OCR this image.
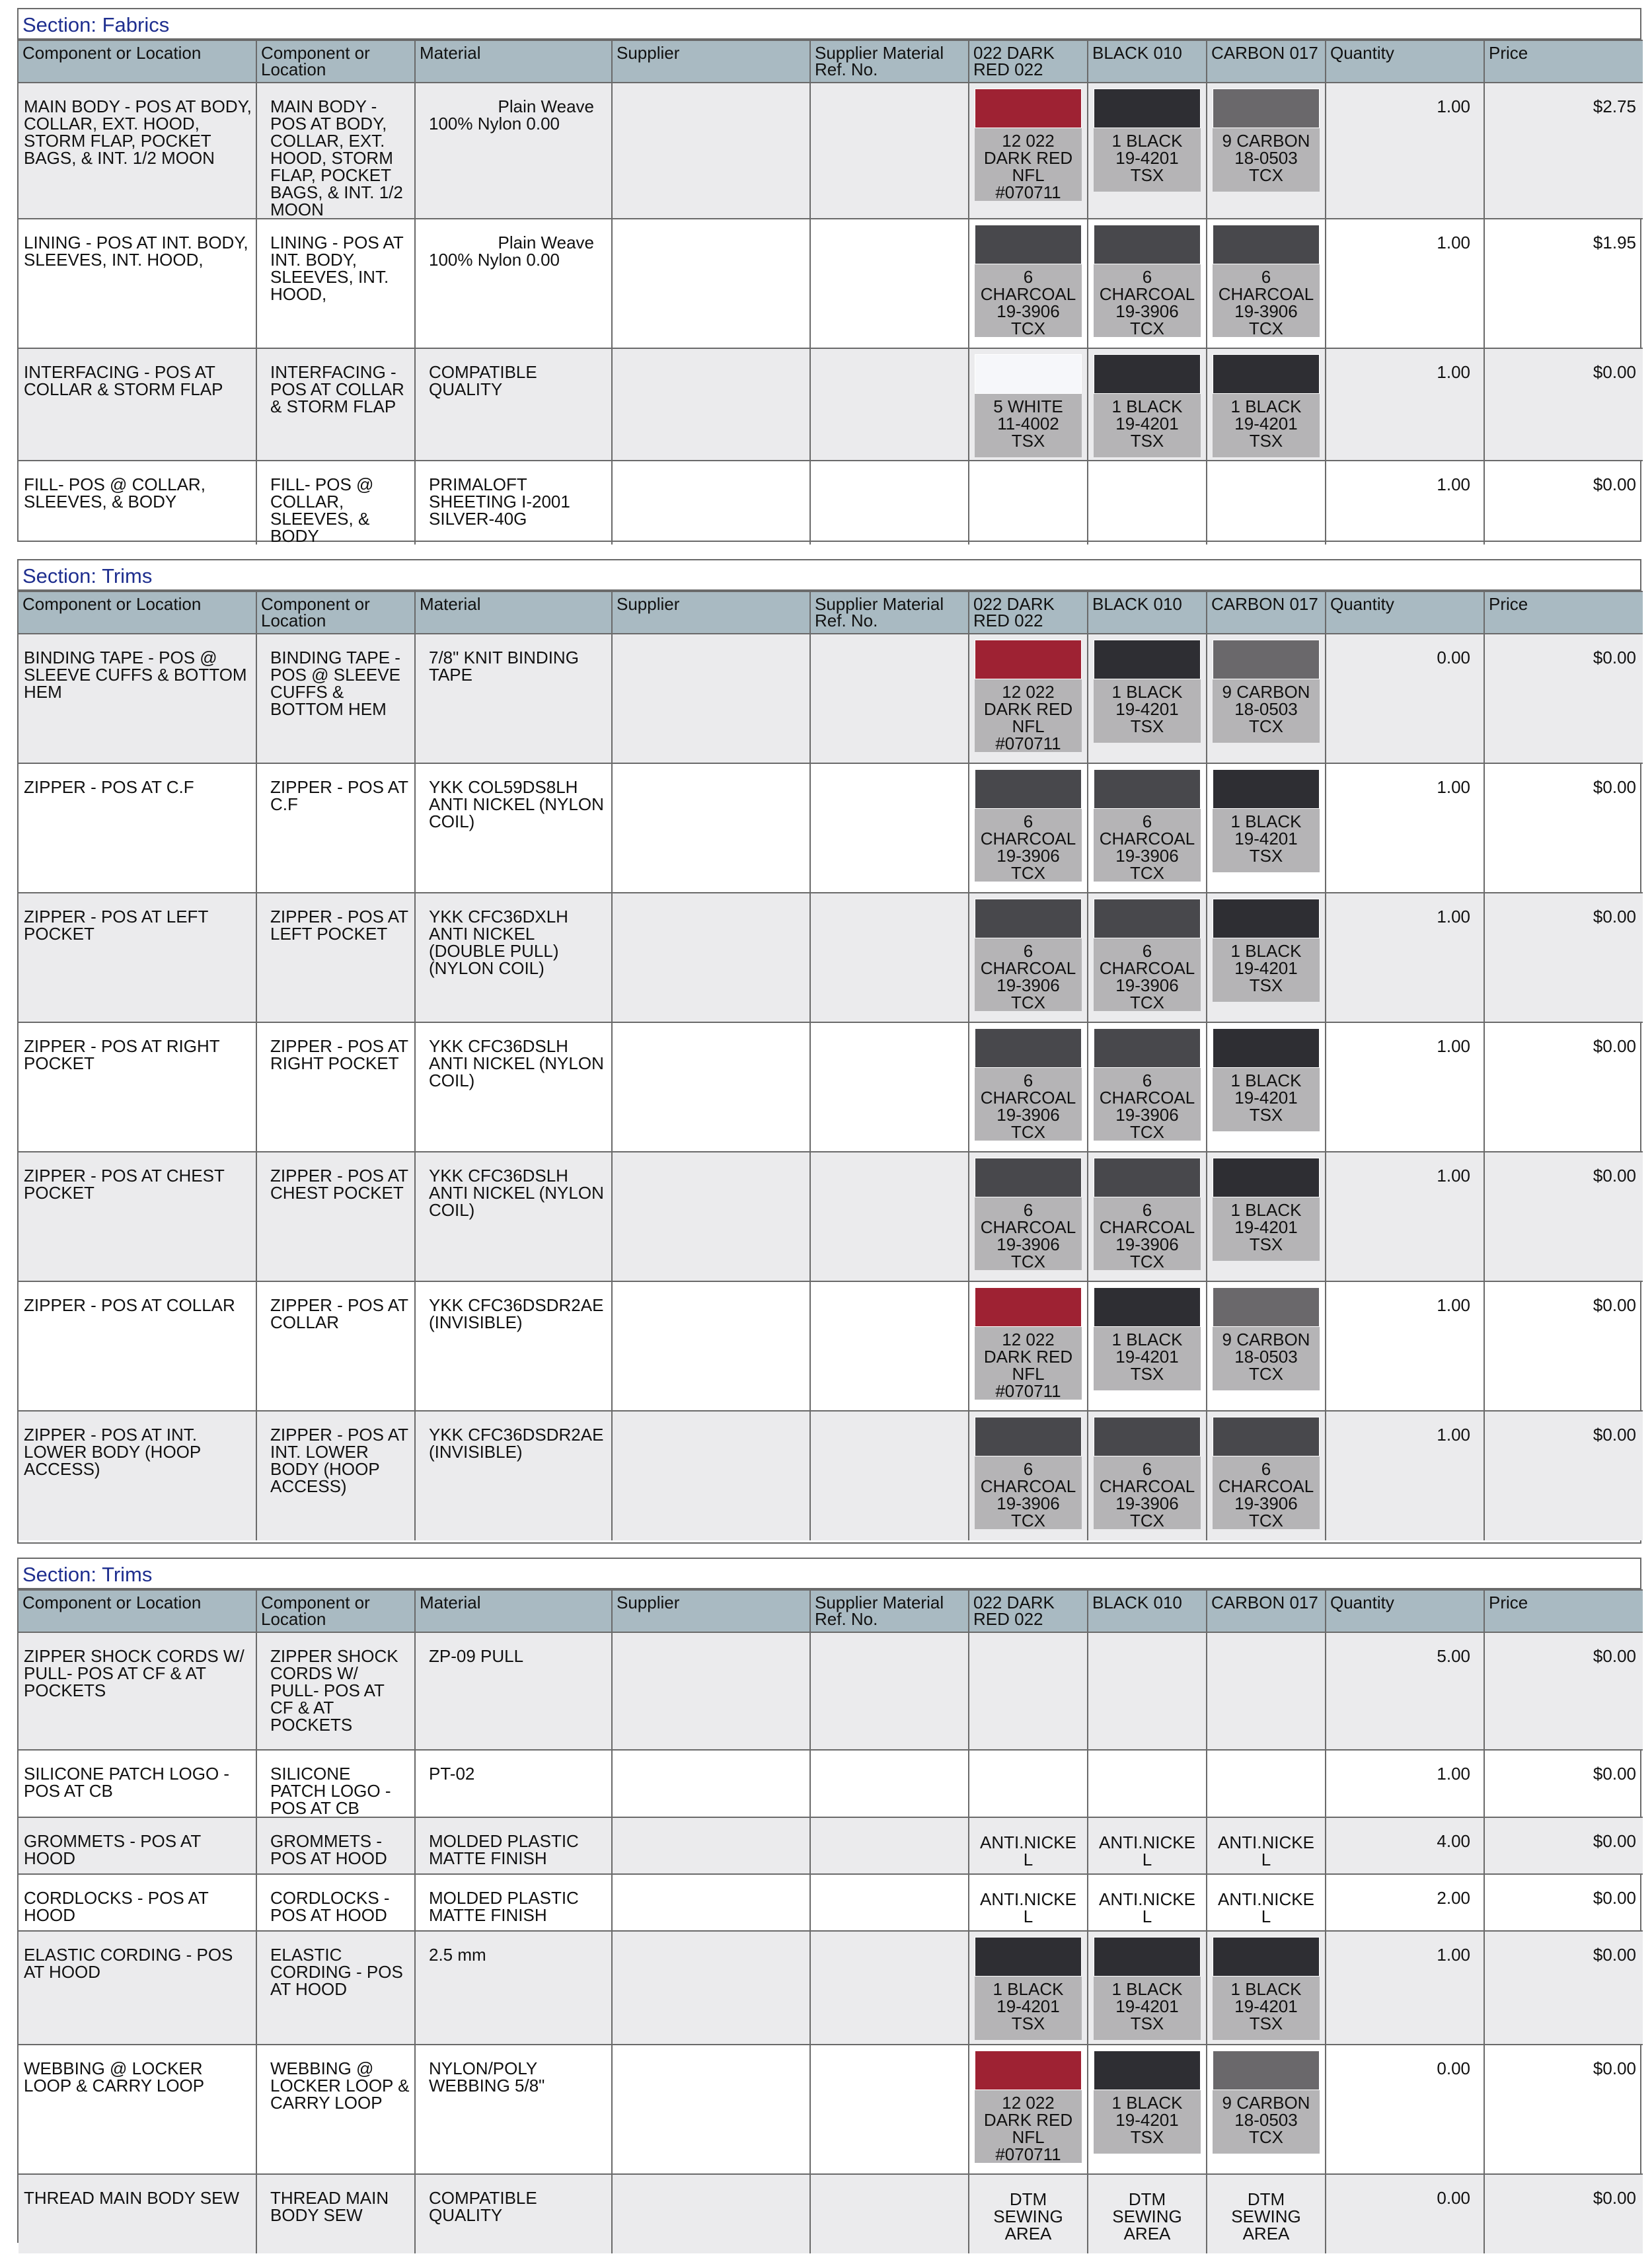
Section: Fabrics
Component or Location	Component or Location	Material	Supplier	Supplier Material Ref. No.	022 DARK RED 022	BLACK 010	CARBON 017	Quantity	Price
MAIN BODY - POS AT BODY, COLLAR, EXT. HOOD, STORM FLAP, POCKET BAGS, & INT. 1/2 MOON	MAIN BODY - POS AT BODY, COLLAR, EXT. HOOD, STORM FLAP, POCKET BAGS, & INT. 1/2 MOON	Plain Weave
100% Nylon 0.00			12 022
DARK RED
NFL
#070711	1 BLACK
19-4201
TSX	9 CARBON
18-0503
TCX	1.00	$2.75
LINING - POS AT INT. BODY, SLEEVES, INT. HOOD,	LINING - POS AT INT. BODY, SLEEVES, INT. HOOD,	Plain Weave
100% Nylon 0.00			6
CHARCOAL
19-3906
TCX	6
CHARCOAL
19-3906
TCX	6
CHARCOAL
19-3906
TCX	1.00	$1.95
INTERFACING - POS AT COLLAR & STORM FLAP	INTERFACING - POS AT COLLAR & STORM FLAP	COMPATIBLE QUALITY			5 WHITE
11-4002
TSX	1 BLACK
19-4201
TSX	1 BLACK
19-4201
TSX	1.00	$0.00
FILL- POS @ COLLAR, SLEEVES, & BODY	FILL- POS @ COLLAR, SLEEVES, & BODY	PRIMALOFT SHEETING I-2001 SILVER-40G						1.00	$0.00
Section: Trims
Component or Location	Component or Location	Material	Supplier	Supplier Material Ref. No.	022 DARK RED 022	BLACK 010	CARBON 017	Quantity	Price
BINDING TAPE - POS @ SLEEVE CUFFS & BOTTOM HEM	BINDING TAPE - POS @ SLEEVE CUFFS & BOTTOM HEM	7/8" KNIT BINDING TAPE			12 022
DARK RED
NFL
#070711	1 BLACK
19-4201
TSX	9 CARBON
18-0503
TCX	0.00	$0.00
ZIPPER - POS AT C.F	ZIPPER - POS AT C.F	YKK COL59DS8LH ANTI NICKEL (NYLON COIL)			6
CHARCOAL
19-3906
TCX	6
CHARCOAL
19-3906
TCX	1 BLACK
19-4201
TSX	1.00	$0.00
ZIPPER - POS AT LEFT POCKET	ZIPPER - POS AT LEFT POCKET	YKK CFC36DXLH ANTI NICKEL (DOUBLE PULL) (NYLON COIL)			6
CHARCOAL
19-3906
TCX	6
CHARCOAL
19-3906
TCX	1 BLACK
19-4201
TSX	1.00	$0.00
ZIPPER - POS AT RIGHT POCKET	ZIPPER - POS AT RIGHT POCKET	YKK CFC36DSLH ANTI NICKEL (NYLON COIL)			6
CHARCOAL
19-3906
TCX	6
CHARCOAL
19-3906
TCX	1 BLACK
19-4201
TSX	1.00	$0.00
ZIPPER - POS AT CHEST POCKET	ZIPPER - POS AT CHEST POCKET	YKK CFC36DSLH ANTI NICKEL (NYLON COIL)			6
CHARCOAL
19-3906
TCX	6
CHARCOAL
19-3906
TCX	1 BLACK
19-4201
TSX	1.00	$0.00
ZIPPER - POS AT COLLAR	ZIPPER - POS AT COLLAR	YKK CFC36DSDR2AE (INVISIBLE)			12 022
DARK RED
NFL
#070711	1 BLACK
19-4201
TSX	9 CARBON
18-0503
TCX	1.00	$0.00
ZIPPER - POS AT INT. LOWER BODY (HOOP ACCESS)	ZIPPER - POS AT INT. LOWER BODY (HOOP ACCESS)	YKK CFC36DSDR2AE (INVISIBLE)			6
CHARCOAL
19-3906
TCX	6
CHARCOAL
19-3906
TCX	6
CHARCOAL
19-3906
TCX	1.00	$0.00
Section: Trims
Component or Location	Component or Location	Material	Supplier	Supplier Material Ref. No.	022 DARK RED 022	BLACK 010	CARBON 017	Quantity	Price
ZIPPER SHOCK CORDS W/ PULL- POS AT CF & AT POCKETS	ZIPPER SHOCK CORDS W/ PULL- POS AT CF & AT POCKETS	ZP-09 PULL						5.00	$0.00
SILICONE PATCH LOGO - POS AT CB	SILICONE PATCH LOGO - POS AT CB	PT-02						1.00	$0.00
GROMMETS - POS AT HOOD	GROMMETS - POS AT HOOD	MOLDED PLASTIC MATTE FINISH			ANTI.NICKE
L	ANTI.NICKE
L	ANTI.NICKE
L	4.00	$0.00
CORDLOCKS - POS AT HOOD	CORDLOCKS - POS AT HOOD	MOLDED PLASTIC MATTE FINISH			ANTI.NICKE
L	ANTI.NICKE
L	ANTI.NICKE
L	2.00	$0.00
ELASTIC CORDING - POS AT HOOD	ELASTIC CORDING - POS AT HOOD	2.5 mm			1 BLACK
19-4201
TSX	1 BLACK
19-4201
TSX	1 BLACK
19-4201
TSX	1.00	$0.00
WEBBING @ LOCKER LOOP & CARRY LOOP	WEBBING @ LOCKER LOOP & CARRY LOOP	NYLON/POLY WEBBING 5/8"			12 022
DARK RED
NFL
#070711	1 BLACK
19-4201
TSX	9 CARBON
18-0503
TCX	0.00	$0.00
THREAD MAIN BODY SEW	THREAD MAIN BODY SEW	COMPATIBLE QUALITY			DTM
SEWING
AREA	DTM
SEWING
AREA	DTM
SEWING
AREA	0.00	$0.00
